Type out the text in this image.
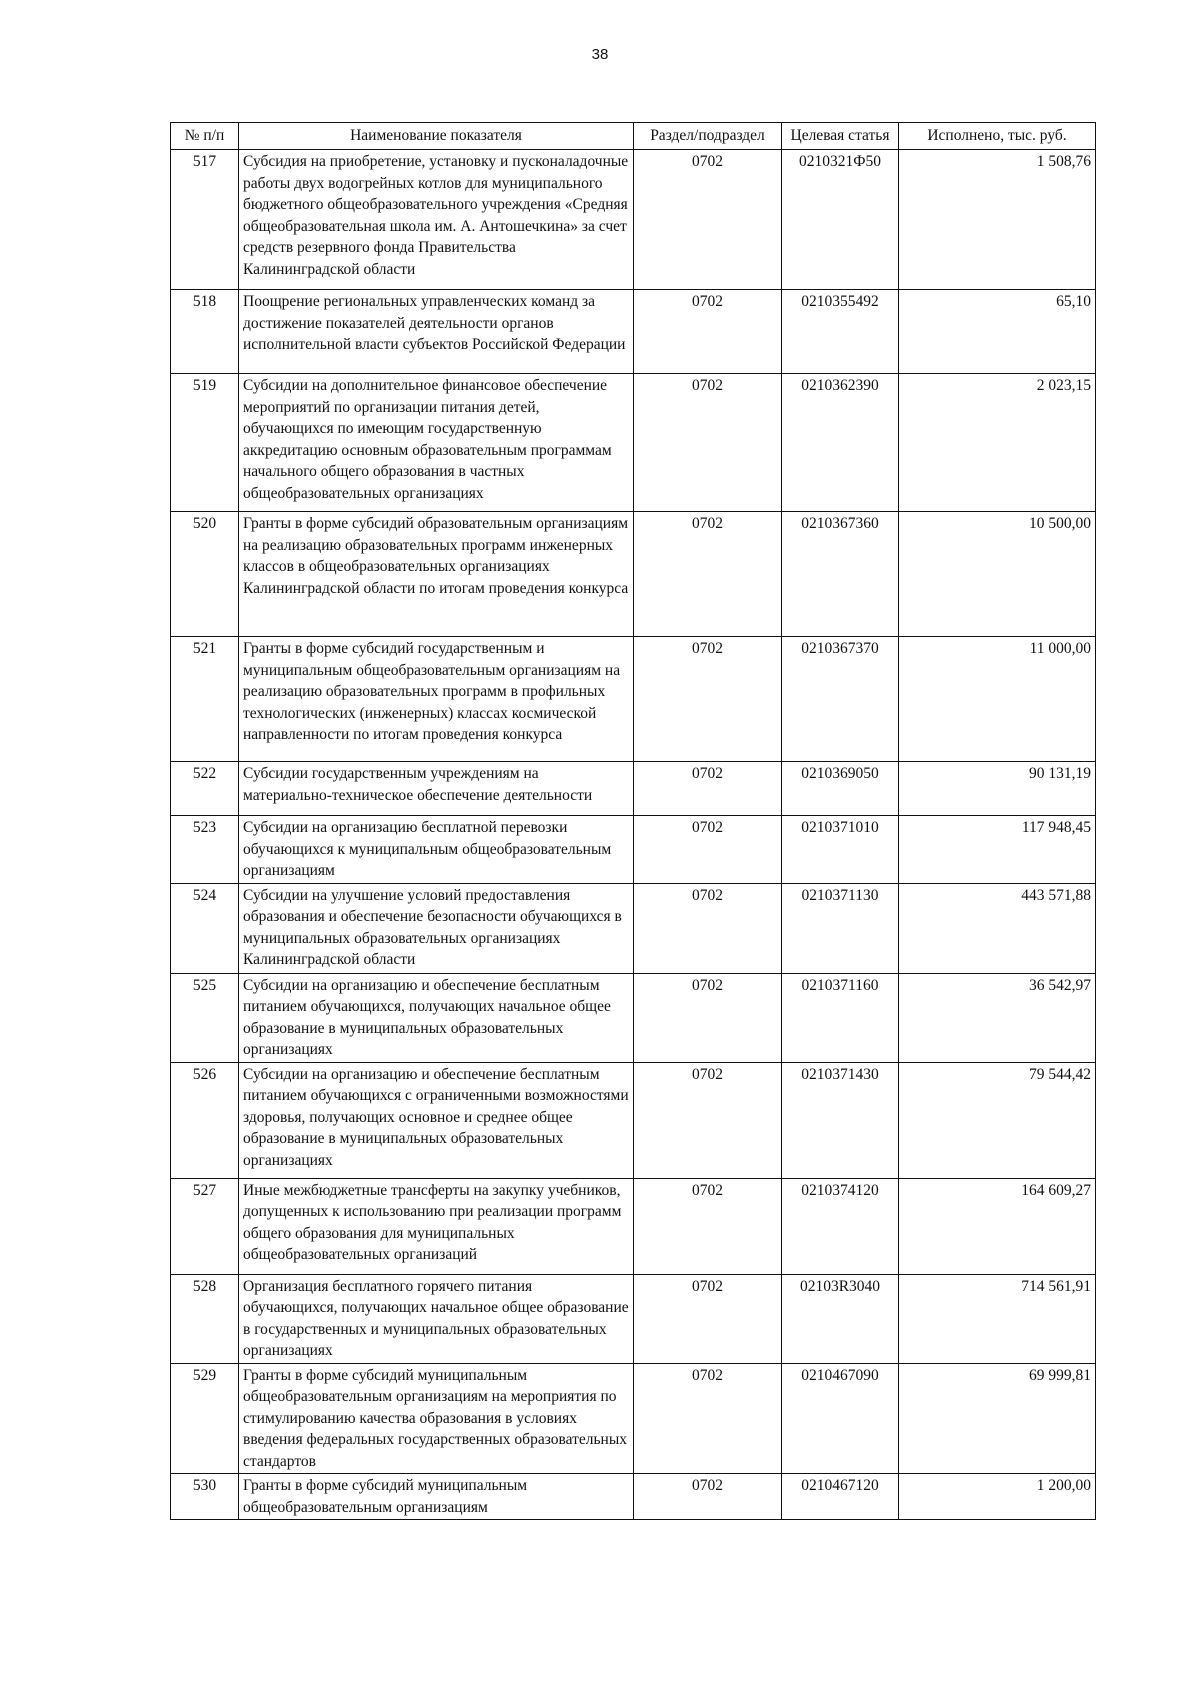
38
№ п/п	Наименование показателя	Раздел/подраздел	Целевая статья	Исполнено, тыс. руб.
517	Субсидия на приобретение, установку и пусконаладочные работы двух водогрейных котлов для муниципального бюджетного общеобразовательного учреждения «Средняя общеобразовательная школа им. А. Антошечкина» за счет средств резервного фонда Правительства Калининградской области	0702	0210321Ф50	1 508,76
518	Поощрение региональных управленческих команд за достижение показателей деятельности органов исполнительной власти субъектов Российской Федерации	0702	0210355492	65,10
519	Субсидии на дополнительное финансовое обеспечение мероприятий по организации питания детей, обучающихся по имеющим государственную аккредитацию основным образовательным программам начального общего образования в частных общеобразовательных организациях	0702	0210362390	2 023,15
520	Гранты в форме субсидий образовательным организациям на реализацию образовательных программ инженерных классов в общеобразовательных организациях Калининградской области по итогам проведения конкурса	0702	0210367360	10 500,00
521	Гранты в форме субсидий государственным и муниципальным общеобразовательным организациям на реализацию образовательных программ в профильных технологических (инженерных) классах космической направленности по итогам проведения конкурса	0702	0210367370	11 000,00
522	Субсидии государственным учреждениям на материально-техническое обеспечение деятельности	0702	0210369050	90 131,19
523	Субсидии на организацию бесплатной перевозки обучающихся к муниципальным общеобразовательным организациям	0702	0210371010	117 948,45
524	Субсидии на улучшение условий предоставления образования и обеспечение безопасности обучающихся в муниципальных образовательных организациях Калининградской области	0702	0210371130	443 571,88
525	Субсидии на организацию и обеспечение бесплатным питанием обучающихся, получающих начальное общее образование в муниципальных образовательных организациях	0702	0210371160	36 542,97
526	Субсидии на организацию и обеспечение бесплатным питанием обучающихся с ограниченными возможностями здоровья, получающих основное и среднее общее образование в муниципальных образовательных организациях	0702	0210371430	79 544,42
527	Иные межбюджетные трансферты на закупку учебников, допущенных к использованию при реализации программ общего образования для муниципальных общеобразовательных организаций	0702	0210374120	164 609,27
528	Организация бесплатного горячего питания обучающихся, получающих начальное общее образование в государственных и муниципальных образовательных организациях	0702	02103R3040	714 561,91
529	Гранты в форме субсидий муниципальным общеобразовательным организациям на мероприятия по стимулированию качества образования в условиях введения федеральных государственных образовательных стандартов	0702	0210467090	69 999,81
530	Гранты в форме субсидий муниципальным общеобразовательным организациям	0702	0210467120	1 200,00
